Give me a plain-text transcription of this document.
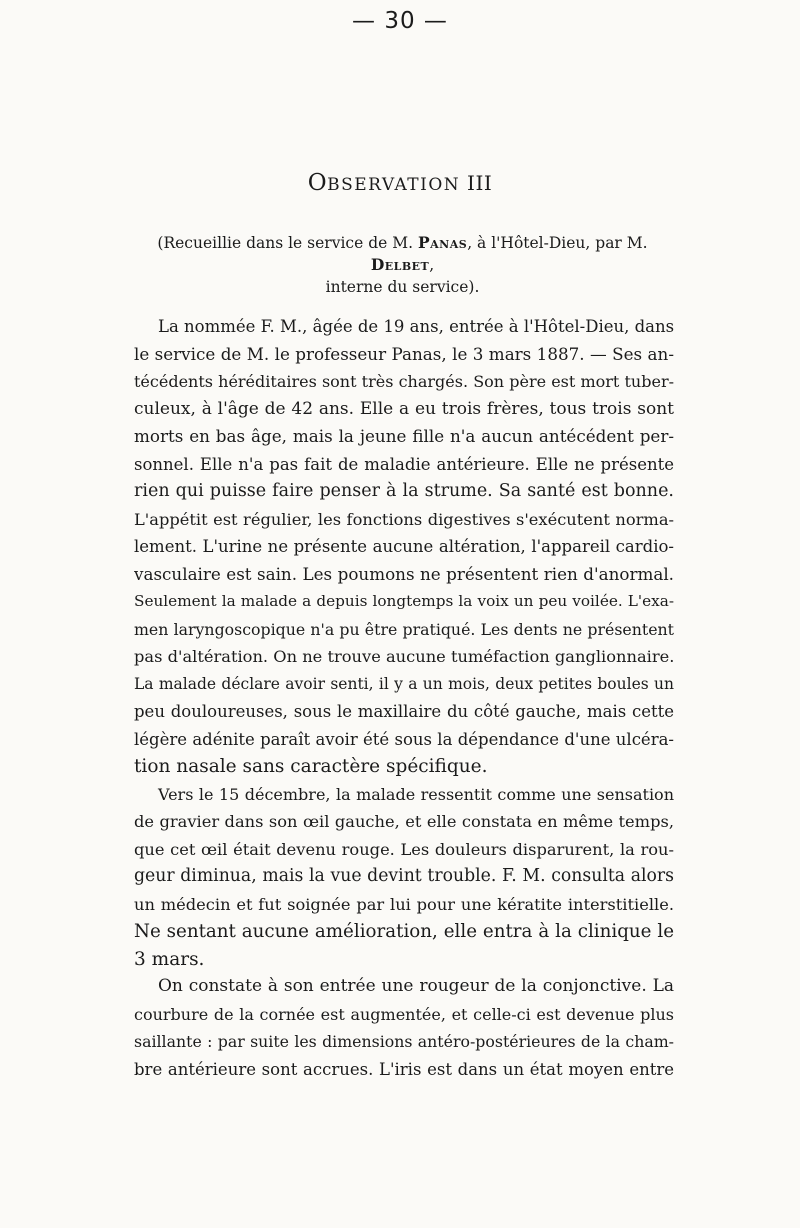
— 30 —
OBSERVATION III
(Recueillie dans le service de M. Panas, à l'Hôtel-Dieu, par M. Delbet,
interne du service).
La nommée F. M., âgée de 19 ans, entrée à l'Hôtel-Dieu, dans
le service de M. le professeur Panas, le 3 mars 1887. — Ses an-
técédents héréditaires sont très chargés. Son père est mort tuber-
culeux, à l'âge de 42 ans. Elle a eu trois frères, tous trois sont
morts en bas âge, mais la jeune fille n'a aucun antécédent per-
sonnel. Elle n'a pas fait de maladie antérieure. Elle ne présente
rien qui puisse faire penser à la strume. Sa santé est bonne.
L'appétit est régulier, les fonctions digestives s'exécutent norma-
lement. L'urine ne présente aucune altération, l'appareil cardio-
vasculaire est sain. Les poumons ne présentent rien d'anormal.
Seulement la malade a depuis longtemps la voix un peu voilée. L'exa-
men laryngoscopique n'a pu être pratiqué. Les dents ne présentent
pas d'altération. On ne trouve aucune tuméfaction ganglionnaire.
La malade déclare avoir senti, il y a un mois, deux petites boules un
peu douloureuses, sous le maxillaire du côté gauche, mais cette
légère adénite paraît avoir été sous la dépendance d'une ulcéra-
tion nasale sans caractère spécifique.
Vers le 15 décembre, la malade ressentit comme une sensation
de gravier dans son œil gauche, et elle constata en même temps,
que cet œil était devenu rouge. Les douleurs disparurent, la rou-
geur diminua, mais la vue devint trouble. F. M. consulta alors
un médecin et fut soignée par lui pour une kératite interstitielle.
Ne sentant aucune amélioration, elle entra à la clinique le
3 mars.
On constate à son entrée une rougeur de la conjonctive. La
courbure de la cornée est augmentée, et celle-ci est devenue plus
saillante : par suite les dimensions antéro-postérieures de la cham-
bre antérieure sont accrues. L'iris est dans un état moyen entre
